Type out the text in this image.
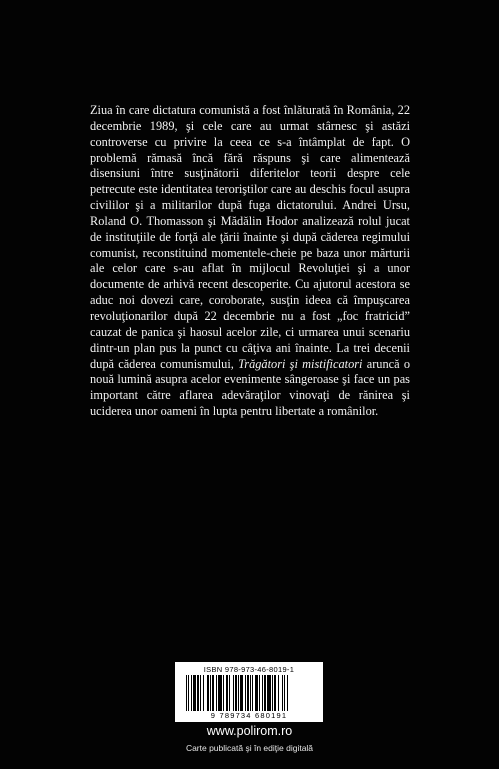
Ziua în care dictatura comunistă a fost înlăturată în România, 22 decembrie 1989, şi cele care au urmat stârnesc şi astăzi controverse cu privire la ceea ce s-a întâmplat de fapt. O problemă rămasă încă fără răspuns şi care alimentează disensiuni între susţinătorii diferitelor teorii despre cele petrecute este identitatea teroriştilor care au deschis focul asupra civililor şi a militarilor după fuga dictatorului. Andrei Ursu, Roland O. Thomasson şi Mădălin Hodor analizează rolul jucat de instituţiile de forţă ale ţării înainte şi după căderea regimului comunist, reconstituind momentele-cheie pe baza unor mărturii ale celor care s-au aflat în mijlocul Revoluţiei şi a unor documente de arhivă recent descoperite. Cu ajutorul acestora se aduc noi dovezi care, coroborate, susţin ideea că împuşcarea revoluţionarilor după 22 decembrie nu a fost „foc fratricid” cauzat de panica şi haosul acelor zile, ci urmarea unui scenariu dintr-un plan pus la punct cu câţiva ani înainte. La trei decenii după căderea comunismului, Trăgători şi mistificatori aruncă o nouă lumină asupra acelor evenimente sângeroase şi face un pas important către aflarea adevăraţilor vinovaţi de rănirea şi uciderea unor oameni în lupta pentru libertate a românilor.

ISBN 978-973-46-8019-1
9 789734 680191
www.polirom.ro
Carte publicată şi în ediţie digitală
